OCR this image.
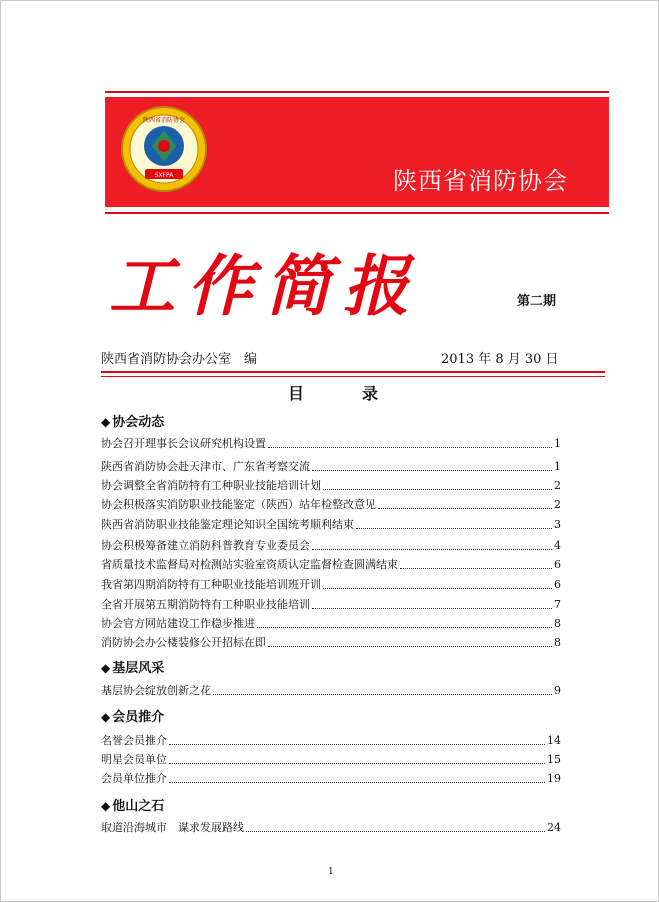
SXFPA
陕西省消防协会
陕西省消防协会
工作简报	第二期
陕西省消防协会办公室　编	2013 年 8 月 30 日
目录
◆ 协会动态
协会召开理事长会议研究机构设置	1
陕西省消防协会赴天津市、广东省考察交流	1
协会调整全省消防特有工种职业技能培训计划	2
协会积极落实消防职业技能鉴定（陕西）站年检整改意见	2
陕西省消防职业技能鉴定理论知识全国统考顺利结束	3
协会积极筹备建立消防科普教育专业委员会	4
省质量技术监督局对检测站实验室资质认定监督检查圆满结束	6
我省第四期消防特有工种职业技能培训班开训	6
全省开展第五期消防特有工种职业技能培训	7
协会官方网站建设工作稳步推进	8
消防协会办公楼装修公开招标在即	8
◆ 基层风采
基层协会绽放创新之花	9
◆ 会员推介
名誉会员推介	14
明星会员单位	15
会员单位推介	19
◆ 他山之石
取道沿海城市　谋求发展路线	24
1
